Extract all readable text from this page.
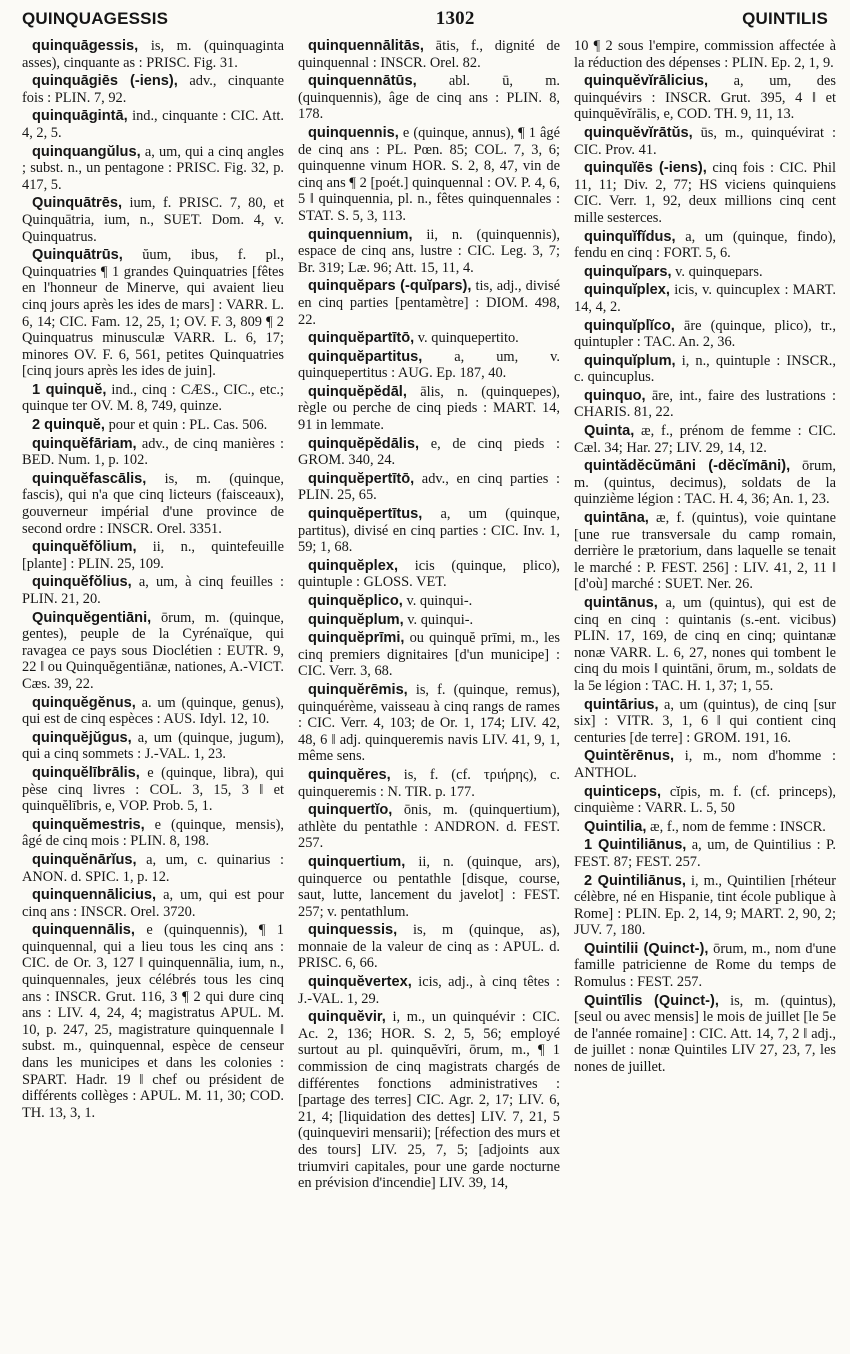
QUINQUAGESSIS	1302	QUINTILIS

quinquāgessis, is, m. (quinquaginta asses), cinquante as : PRISC. Fig. 31.

quinquāgiēs (-iens), adv., cinquante fois : PLIN. 7, 92.

quinquāgintā, ind., cinquante : CIC. Att. 4, 2, 5.

quinquangŭlus, a, um, qui a cinq angles ; subst. n., un pentagone : PRISC. Fig. 32, p. 417, 5.

Quinquātrēs, ium, f. PRISC. 7, 80, et Quinquātria, ium, n., SUET. Dom. 4, v. Quinquatrus.

Quinquātrūs, ŭum, ibus, f. pl., Quinquatries ¶ 1 grandes Quinquatries [fêtes en l'honneur de Minerve, qui avaient lieu cinq jours après les ides de mars] : VARR. L. 6, 14; CIC. Fam. 12, 25, 1; OV. F. 3, 809 ¶ 2 Quinquatrus minusculæ VARR. L. 6, 17; minores OV. F. 6, 561, petites Quinquatries [cinq jours après les ides de juin].

1 quinquĕ, ind., cinq : CÆS., CIC., etc.; quinque ter OV. M. 8, 749, quinze.

2 quinquĕ, pour et quin : PL. Cas. 506.

quinquĕfāriam, adv., de cinq manières : BED. Num. 1, p. 102.

quinquĕfascālis, is, m. (quinque, fascis), qui n'a que cinq licteurs (faisceaux), gouverneur impérial d'une province de second ordre : INSCR. Orel. 3351.

quinquĕfŏlium, ii, n., quintefeuille [plante] : PLIN. 25, 109.

quinquĕfŏlius, a, um, à cinq feuilles : PLIN. 21, 20.

Quinquĕgentiāni, ōrum, m. (quinque, gentes), peuple de la Cyrénaïque, qui ravagea ce pays sous Dioclétien : EUTR. 9, 22 ǁ ou Quinquĕgentiānæ, nationes, A.-VICT. Cæs. 39, 22.

quinquĕgĕnus, a. um (quinque, genus), qui est de cinq espèces : AUS. Idyl. 12, 10.

quinquĕjŭgus, a, um (quinque, jugum), qui a cinq sommets : J.-VAL. 1, 23.

quinquĕlībrālis, e (quinque, libra), qui pèse cinq livres : COL. 3, 15, 3 ǁ et quinquĕlībris, e, VOP. Prob. 5, 1.

quinquĕmestris, e (quinque, mensis), âgé de cinq mois : PLIN. 8, 198.

quinquĕnārĭus, a, um, c. quinarius : ANON. d. SPIC. 1, p. 12.

quinquennālicius, a, um, qui est pour cinq ans : INSCR. Orel. 3720.

quinquennālis, e (quinquennis), ¶ 1 quinquennal, qui a lieu tous les cinq ans : CIC. de Or. 3, 127 ǁ quinquennālia, ium, n., quinquennales, jeux célébrés tous les cinq ans : INSCR. Grut. 116, 3 ¶ 2 qui dure cinq ans : LIV. 4, 24, 4; magistratus APUL. M. 10, p. 247, 25, magistrature quinquennale ǁ subst. m., quinquennal, espèce de censeur dans les municipes et dans les colonies : SPART. Hadr. 19 ǁ chef ou président de différents collèges : APUL. M. 11, 30; COD. TH. 13, 3, 1.

quinquennālitās, ātis, f., dignité de quinquennal : INSCR. Orel. 82.

quinquennātūs, abl. ū, m. (quinquennis), âge de cinq ans : PLIN. 8, 178.

quinquennis, e (quinque, annus), ¶ 1 âgé de cinq ans : PL. Pœn. 85; COL. 7, 3, 6; quinquenne vinum HOR. S. 2, 8, 47, vin de cinq ans ¶ 2 [poét.] quinquennal : OV. P. 4, 6, 5 ǁ quinquennia, pl. n., fêtes quinquennales : STAT. S. 5, 3, 113.

quinquennium, ii, n. (quinquennis), espace de cinq ans, lustre : CIC. Leg. 3, 7; Br. 319; Læ. 96; Att. 15, 11, 4.

quinquĕpars (-quĭpars), tis, adj., divisé en cinq parties [pentamètre] : DIOM. 498, 22.

quinquĕpartītō, v. quinquepertito.

quinquĕpartitus, a, um, v. quinquepertitus : AUG. Ep. 187, 40.

quinquĕpĕdāl, ālis, n. (quinquepes), règle ou perche de cinq pieds : MART. 14, 91 in lemmate.

quinquĕpĕdālis, e, de cinq pieds : GROM. 340, 24.

quinquĕpertītō, adv., en cinq parties : PLIN. 25, 65.

quinquĕpertītus, a, um (quinque, partitus), divisé en cinq parties : CIC. Inv. 1, 59; 1, 68.

quinquĕplex, icis (quinque, plico), quintuple : GLOSS. VET.

quinquĕplico, v. quinqui-.

quinquĕplum, v. quinqui-.

quinquĕprīmi, ou quinquĕ prīmi, m., les cinq premiers dignitaires [d'un municipe] : CIC. Verr. 3, 68.

quinquĕrēmis, is, f. (quinque, remus), quinquérème, vaisseau à cinq rangs de rames : CIC. Verr. 4, 103; de Or. 1, 174; LIV. 42, 48, 6 ǁ adj. quinqueremis navis LIV. 41, 9, 1, même sens.

quinquĕres, is, f. (cf. τριήρης), c. quinqueremis : N. TIR. p. 177.

quinquertĭo, ōnis, m. (quinquertium), athlète du pentathle : ANDRON. d. FEST. 257.

quinquertium, ii, n. (quinque, ars), quinquerce ou pentathle [disque, course, saut, lutte, lancement du javelot] : FEST. 257; v. pentathlum.

quinquessis, is, m (quinque, as), monnaie de la valeur de cinq as : APUL. d. PRISC. 6, 66.

quinquĕvertex, icis, adj., à cinq têtes : J.-VAL. 1, 29.

quinquĕvir, i, m., un quinquévir : CIC. Ac. 2, 136; HOR. S. 2, 5, 56; employé surtout au pl. quinquĕvĭri, ōrum, m., ¶ 1 commission de cinq magistrats chargés de différentes fonctions administratives : [partage des terres] CIC. Agr. 2, 17; LIV. 6, 21, 4; [liquidation des dettes] LIV. 7, 21, 5 (quinqueviri mensarii); [réfection des murs et des tours] LIV. 25, 7, 5; [adjoints aux triumviri capitales, pour une garde nocturne en prévision d'incendie] LIV. 39, 14,

10 ¶ 2 sous l'empire, commission affectée à la réduction des dépenses : PLIN. Ep. 2, 1, 9.

quinquĕvĭrālicius, a, um, des quinquévirs : INSCR. Grut. 395, 4 ǁ et quinquĕvĭrālis, e, COD. TH. 9, 11, 13.

quinquĕvĭrātŭs, ūs, m., quinquévirat : CIC. Prov. 41.

quinquĭēs (-iens), cinq fois : CIC. Phil 11, 11; Div. 2, 77; HS viciens quinquiens CIC. Verr. 1, 92, deux millions cinq cent mille sesterces.

quinquĭfĭdus, a, um (quinque, findo), fendu en cinq : FORT. 5, 6.

quinquĭpars, v. quinquepars.

quinquĭplex, icis, v. quincuplex : MART. 14, 4, 2.

quinquĭplĭco, āre (quinque, plico), tr., quintupler : TAC. An. 2, 36.

quinquĭplum, i, n., quintuple : INSCR., c. quincuplus.

quinquo, āre, int., faire des lustrations : CHARIS. 81, 22.

Quinta, æ, f., prénom de femme : CIC. Cæl. 34; Har. 27; LIV. 29, 14, 12.

quintădĕcŭmāni (-dĕcĭmāni), ōrum, m. (quintus, decimus), soldats de la quinzième légion : TAC. H. 4, 36; An. 1, 23.

quintāna, æ, f. (quintus), voie quintane [une rue transversale du camp romain, derrière le prætorium, dans laquelle se tenait le marché : P. FEST. 256] : LIV. 41, 2, 11 ǁ [d'où] marché : SUET. Ner. 26.

quintānus, a, um (quintus), qui est de cinq en cinq : quintanis (s.-ent. vicibus) PLIN. 17, 169, de cinq en cinq; quintanæ nonæ VARR. L. 6, 27, nones qui tombent le cinq du mois ǁ quintāni, ōrum, m., soldats de la 5e légion : TAC. H. 1, 37; 1, 55.

quintārius, a, um (quintus), de cinq [sur six] : VITR. 3, 1, 6 ǁ qui contient cinq centuries [de terre] : GROM. 191, 16.

Quintĕrēnus, i, m., nom d'homme : ANTHOL.

quinticeps, cĭpis, m. f. (cf. princeps), cinquième : VARR. L. 5, 50

Quintilia, æ, f., nom de femme : INSCR.

1 Quintiliānus, a, um, de Quintilius : P. FEST. 87; FEST. 257.

2 Quintiliānus, i, m., Quintilien [rhéteur célèbre, né en Hispanie, tint école publique à Rome] : PLIN. Ep. 2, 14, 9; MART. 2, 90, 2; JUV. 7, 180.

Quintilii (Quinct-), ōrum, m., nom d'une famille patricienne de Rome du temps de Romulus : FEST. 257.

Quintīlis (Quinct-), is, m. (quintus), [seul ou avec mensis] le mois de juillet [le 5e de l'année romaine] : CIC. Att. 14, 7, 2 ǁ adj., de juillet : nonæ Quintiles LIV 27, 23, 7, les nones de juillet.
